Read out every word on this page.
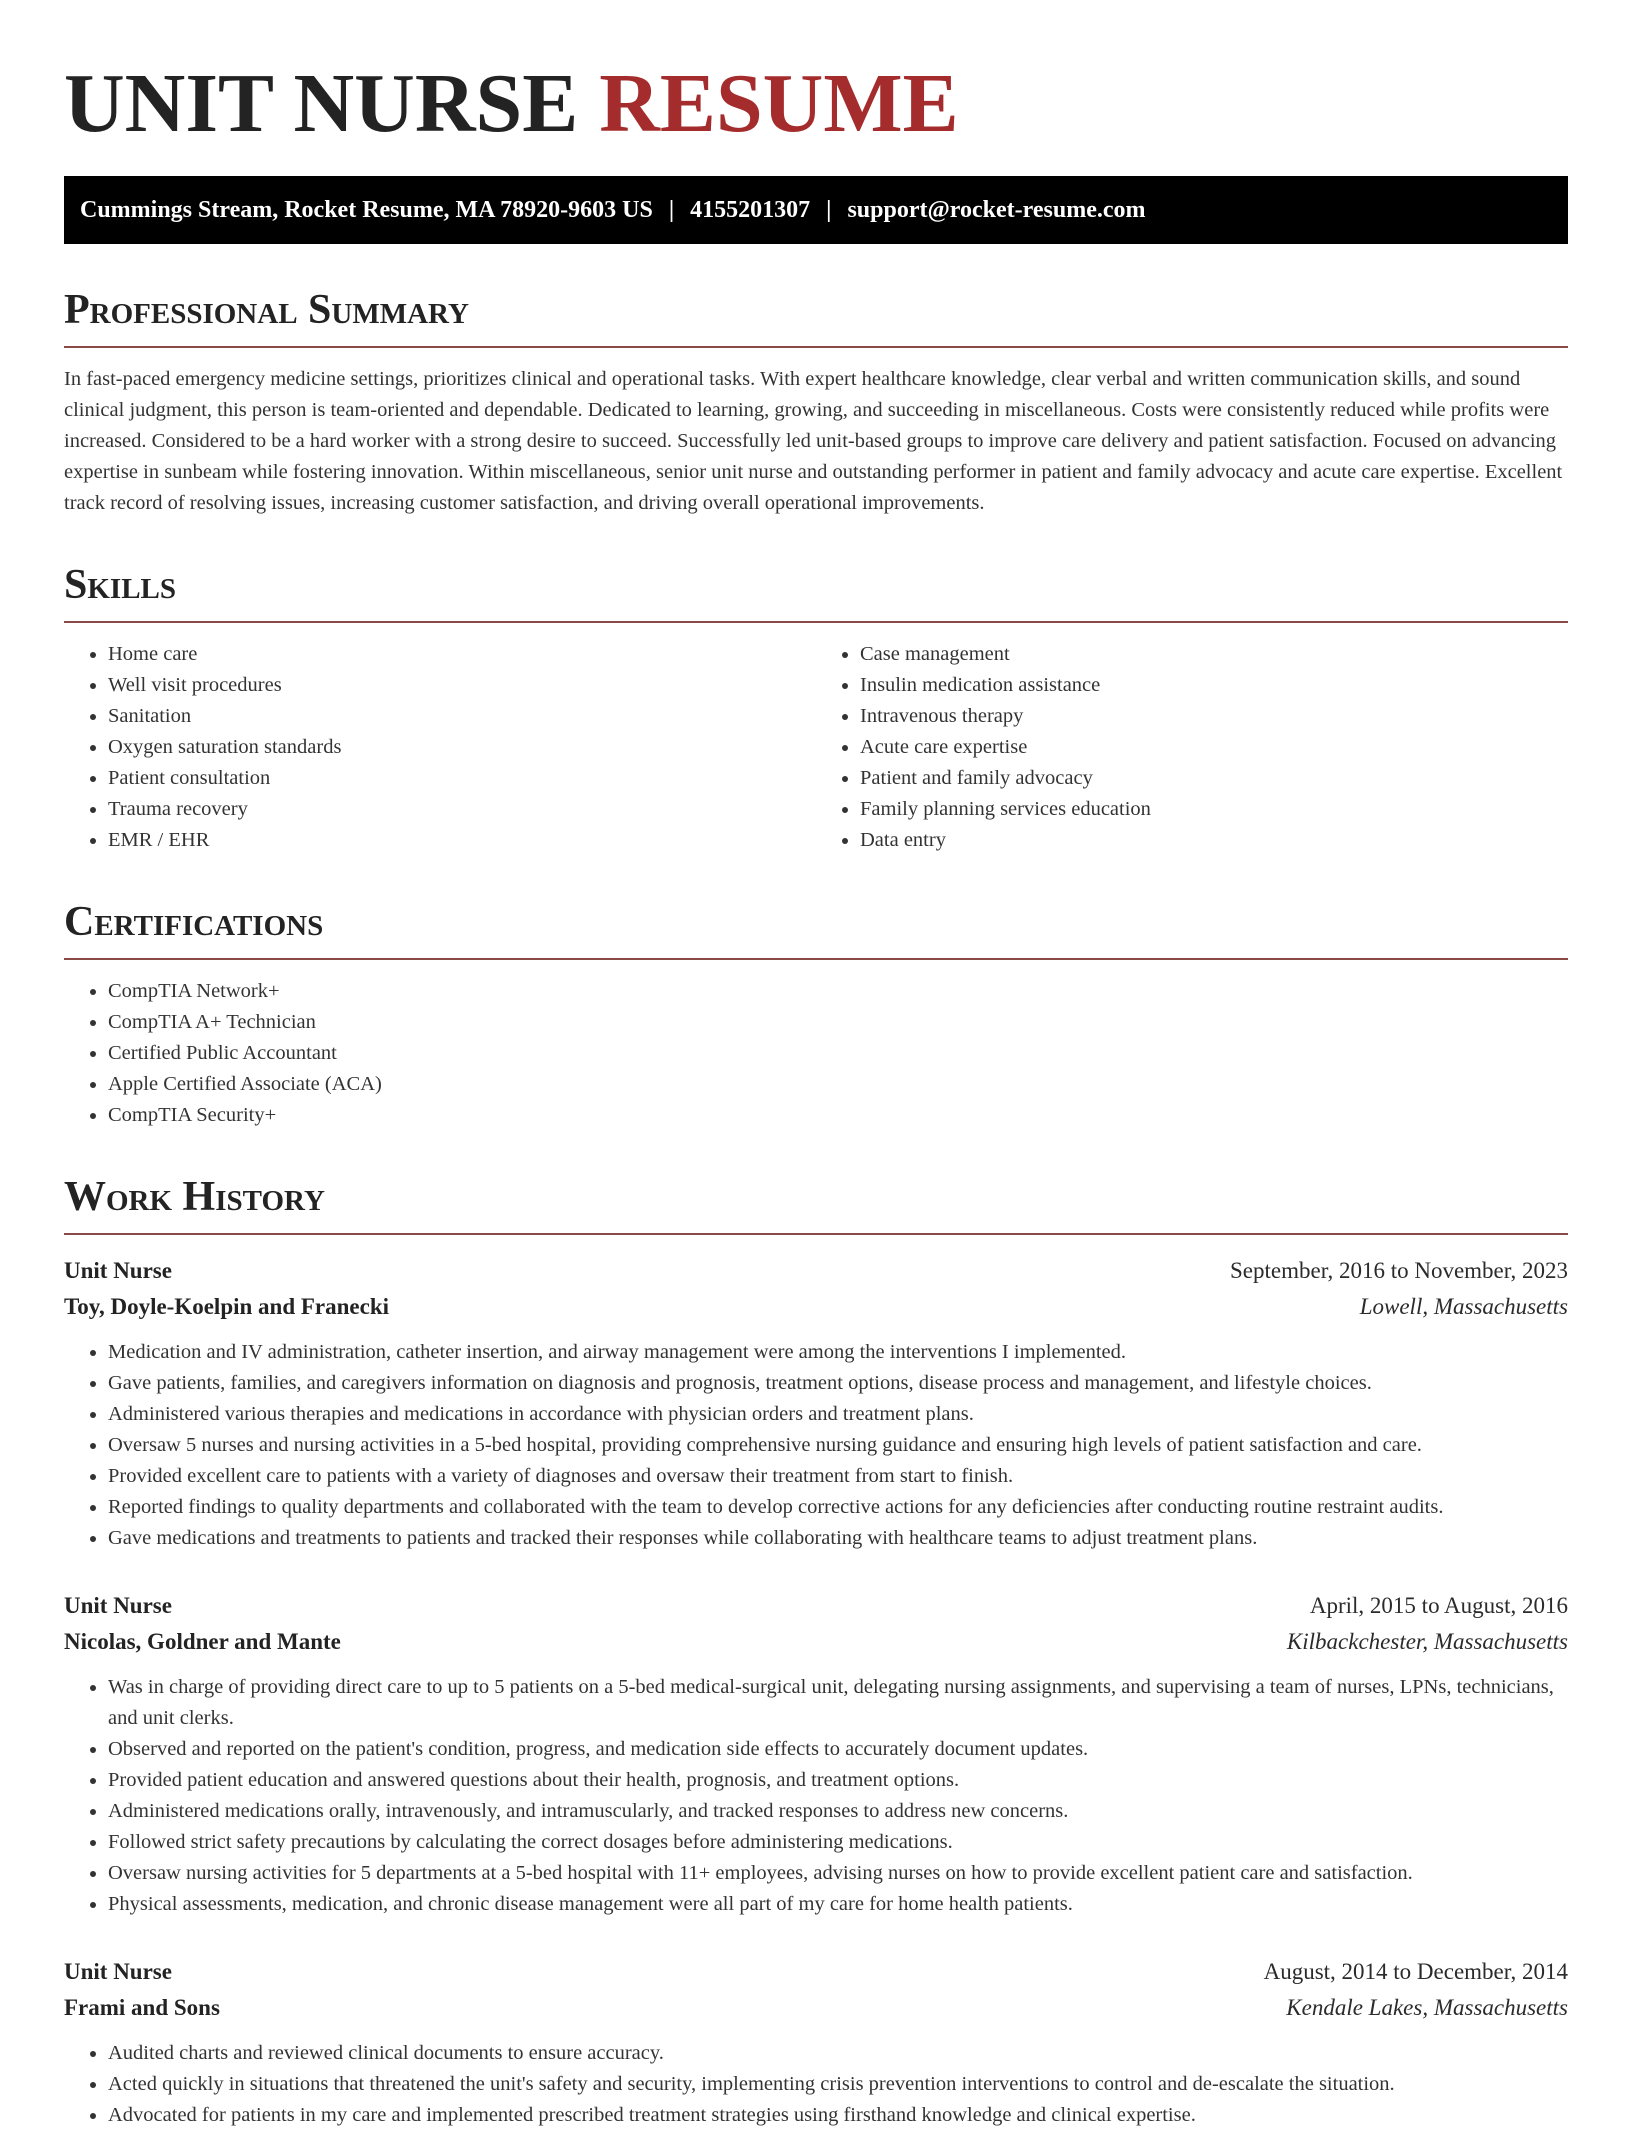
UNIT NURSE RESUME
Cummings Stream, Rocket Resume, MA 78920-9603 US | 4155201307 | support@rocket-resume.com
Professional Summary
In fast-paced emergency medicine settings, prioritizes clinical and operational tasks. With expert healthcare knowledge, clear verbal and written communication skills, and sound clinical judgment, this person is team-oriented and dependable. Dedicated to learning, growing, and succeeding in miscellaneous. Costs were consistently reduced while profits were increased. Considered to be a hard worker with a strong desire to succeed. Successfully led unit-based groups to improve care delivery and patient satisfaction. Focused on advancing expertise in sunbeam while fostering innovation. Within miscellaneous, senior unit nurse and outstanding performer in patient and family advocacy and acute care expertise. Excellent track record of resolving issues, increasing customer satisfaction, and driving overall operational improvements.
Skills
• Home care
• Well visit procedures
• Sanitation
• Oxygen saturation standards
• Patient consultation
• Trauma recovery
• EMR / EHR
• Case management
• Insulin medication assistance
• Intravenous therapy
• Acute care expertise
• Patient and family advocacy
• Family planning services education
• Data entry
Certifications
• CompTIA Network+
• CompTIA A+ Technician
• Certified Public Accountant
• Apple Certified Associate (ACA)
• CompTIA Security+
Work History
Unit Nurse	September, 2016 to November, 2023
Toy, Doyle-Koelpin and Franecki	Lowell, Massachusetts
• Medication and IV administration, catheter insertion, and airway management were among the interventions I implemented.
• Gave patients, families, and caregivers information on diagnosis and prognosis, treatment options, disease process and management, and lifestyle choices.
• Administered various therapies and medications in accordance with physician orders and treatment plans.
• Oversaw 5 nurses and nursing activities in a 5-bed hospital, providing comprehensive nursing guidance and ensuring high levels of patient satisfaction and care.
• Provided excellent care to patients with a variety of diagnoses and oversaw their treatment from start to finish.
• Reported findings to quality departments and collaborated with the team to develop corrective actions for any deficiencies after conducting routine restraint audits.
• Gave medications and treatments to patients and tracked their responses while collaborating with healthcare teams to adjust treatment plans.
Unit Nurse	April, 2015 to August, 2016
Nicolas, Goldner and Mante	Kilbackchester, Massachusetts
• Was in charge of providing direct care to up to 5 patients on a 5-bed medical-surgical unit, delegating nursing assignments, and supervising a team of nurses, LPNs, technicians, and unit clerks.
• Observed and reported on the patient's condition, progress, and medication side effects to accurately document updates.
• Provided patient education and answered questions about their health, prognosis, and treatment options.
• Administered medications orally, intravenously, and intramuscularly, and tracked responses to address new concerns.
• Followed strict safety precautions by calculating the correct dosages before administering medications.
• Oversaw nursing activities for 5 departments at a 5-bed hospital with 11+ employees, advising nurses on how to provide excellent patient care and satisfaction.
• Physical assessments, medication, and chronic disease management were all part of my care for home health patients.
Unit Nurse	August, 2014 to December, 2014
Frami and Sons	Kendale Lakes, Massachusetts
• Audited charts and reviewed clinical documents to ensure accuracy.
• Acted quickly in situations that threatened the unit's safety and security, implementing crisis prevention interventions to control and de-escalate the situation.
• Advocated for patients in my care and implemented prescribed treatment strategies using firsthand knowledge and clinical expertise.
